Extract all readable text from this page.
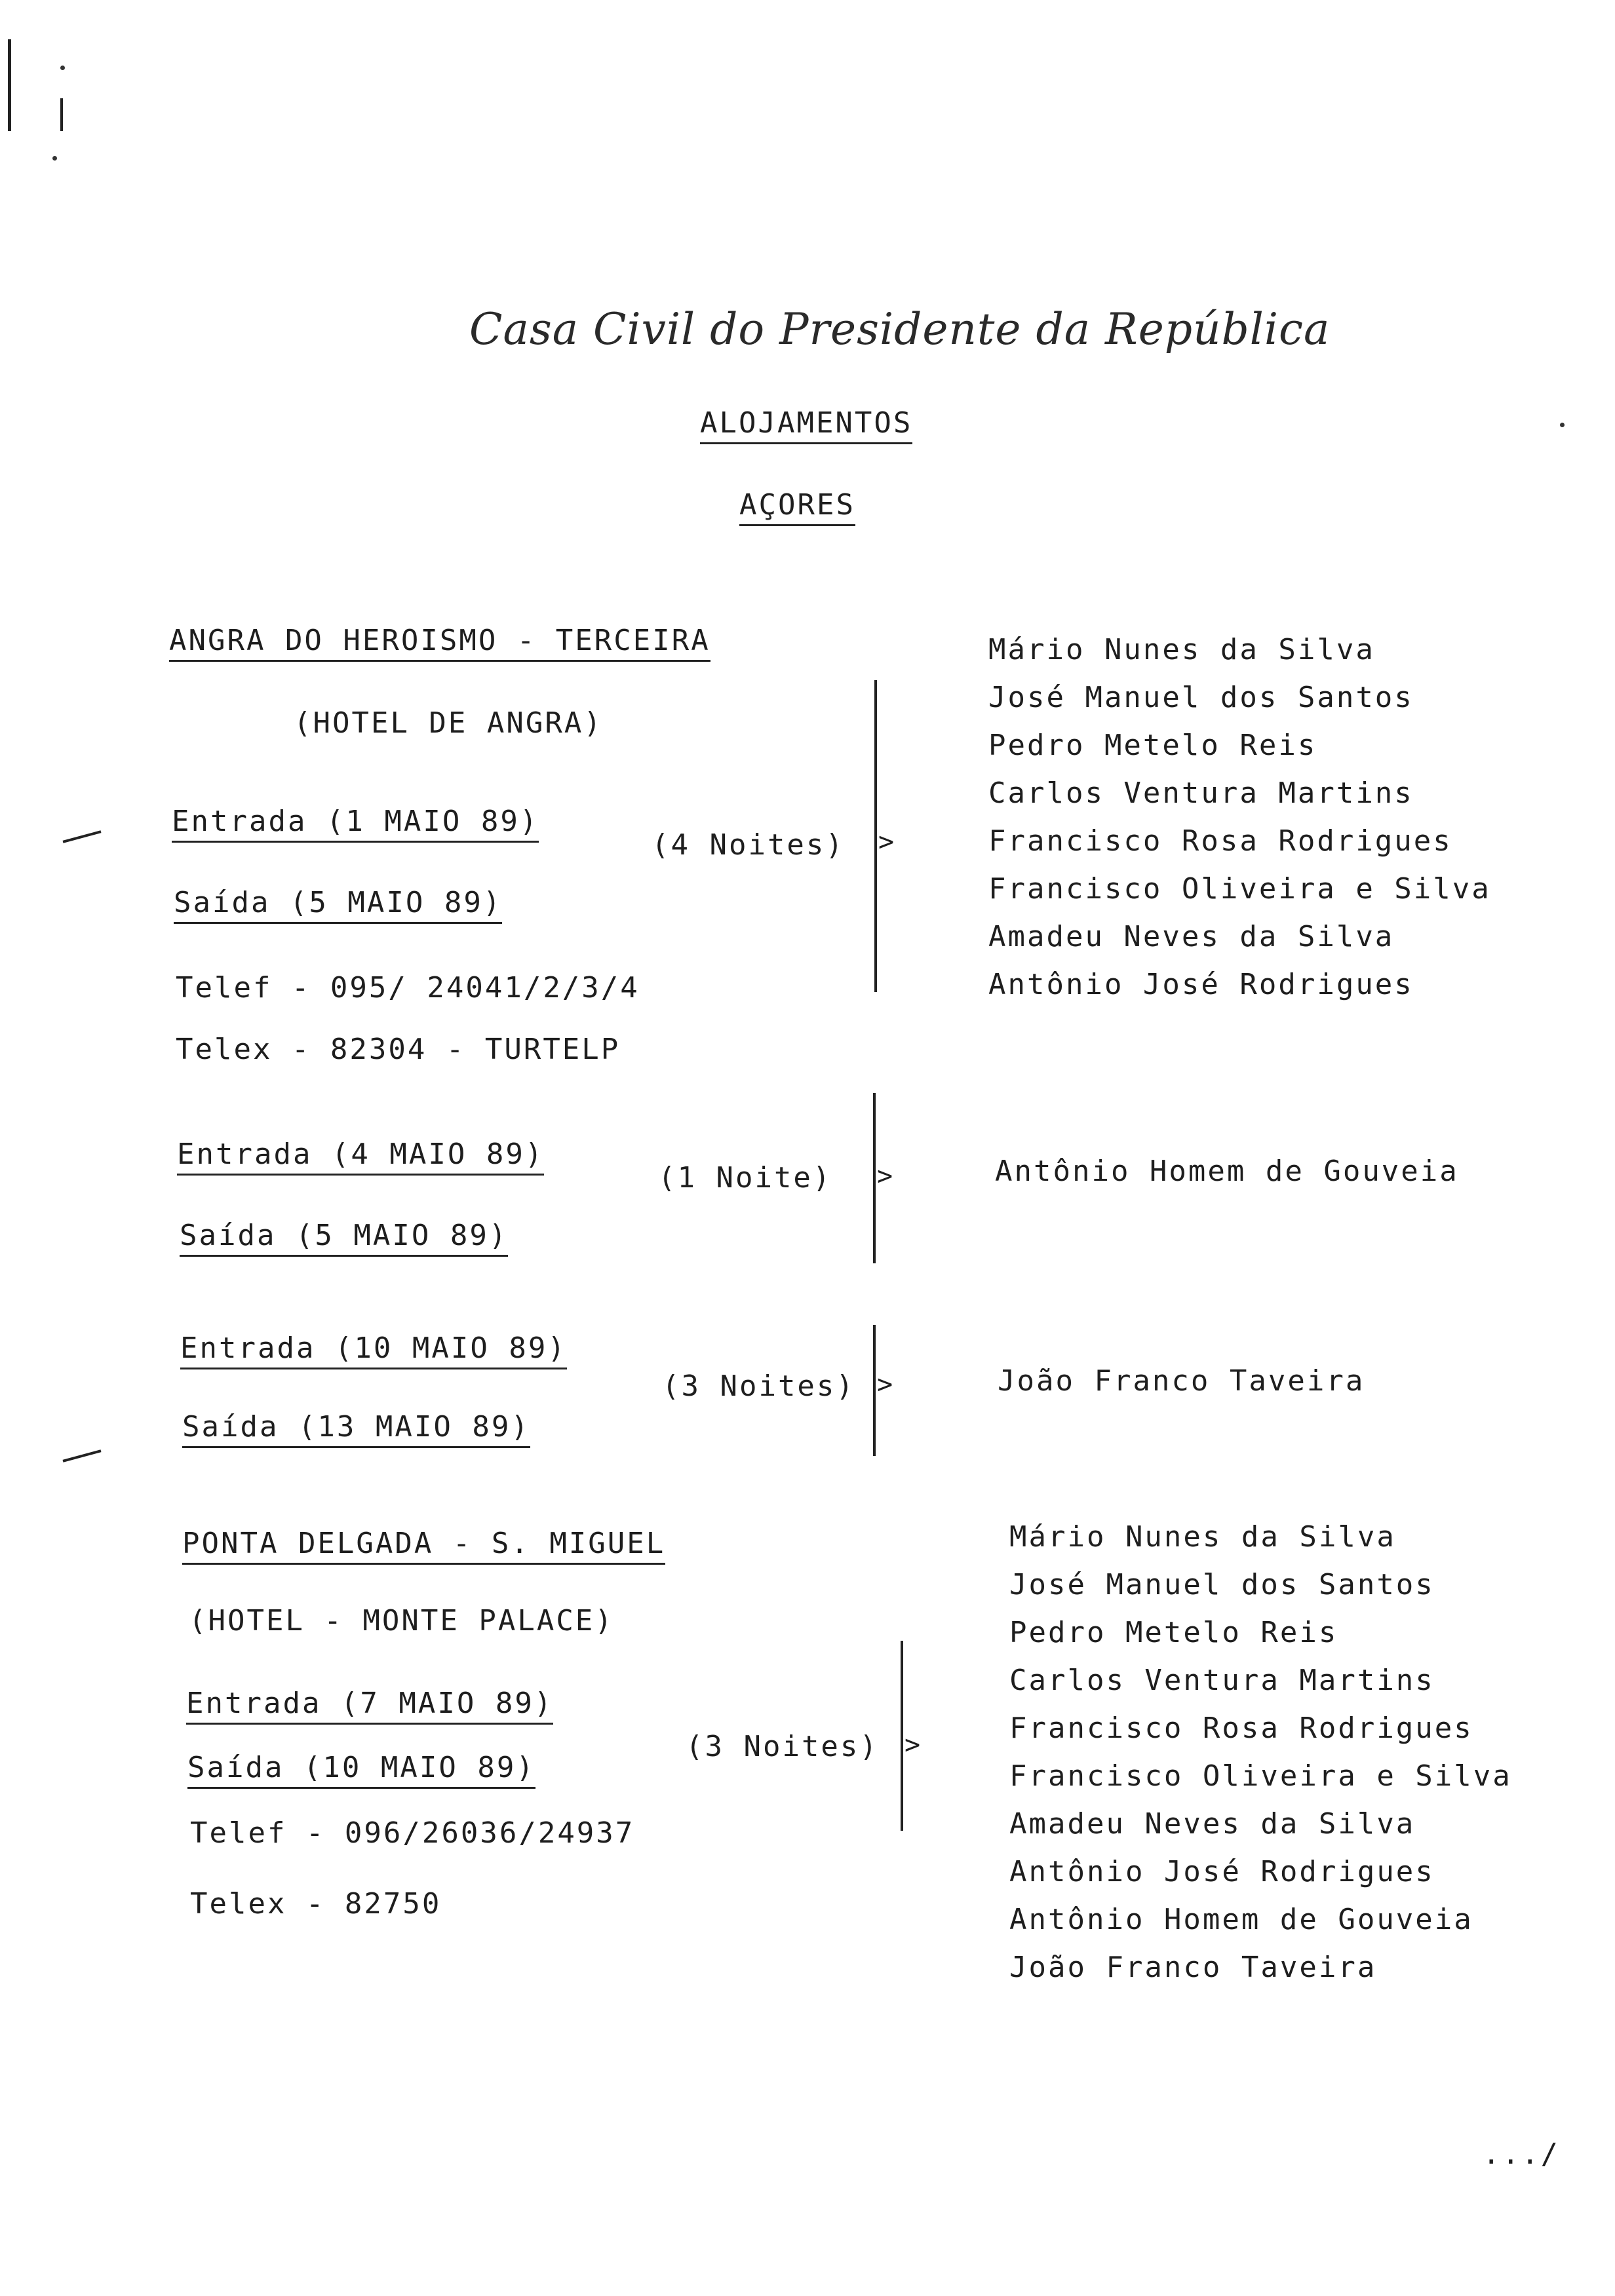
Casa Civil do Presidente da República
ALOJAMENTOS
AÇORES
ANGRA DO HEROISMO - TERCEIRA
(HOTEL DE ANGRA)
Entrada (1 MAIO 89)
Saída (5 MAIO 89)
(4 Noites) >
Telef - 095/ 24041/2/3/4
Telex - 82304 - TURTELP
Mário Nunes da Silva
José Manuel dos Santos
Pedro Metelo Reis
Carlos Ventura Martins
Francisco Rosa Rodrigues
Francisco Oliveira e Silva
Amadeu Neves da Silva
Antônio José Rodrigues
Entrada (4 MAIO 89)
Saída (5 MAIO 89)
(1 Noite) >	Antônio Homem de Gouveia
Entrada (10 MAIO 89)
Saída (13 MAIO 89)
(3 Noites) >	João Franco Taveira
PONTA DELGADA - S. MIGUEL
(HOTEL - MONTE PALACE)
Entrada (7 MAIO 89)
Saída (10 MAIO 89)
(3 Noites) >
Telef - 096/26036/24937
Telex - 82750
Mário Nunes da Silva
José Manuel dos Santos
Pedro Metelo Reis
Carlos Ventura Martins
Francisco Rosa Rodrigues
Francisco Oliveira e Silva
Amadeu Neves da Silva
Antônio José Rodrigues
Antônio Homem de Gouveia
João Franco Taveira
.../
